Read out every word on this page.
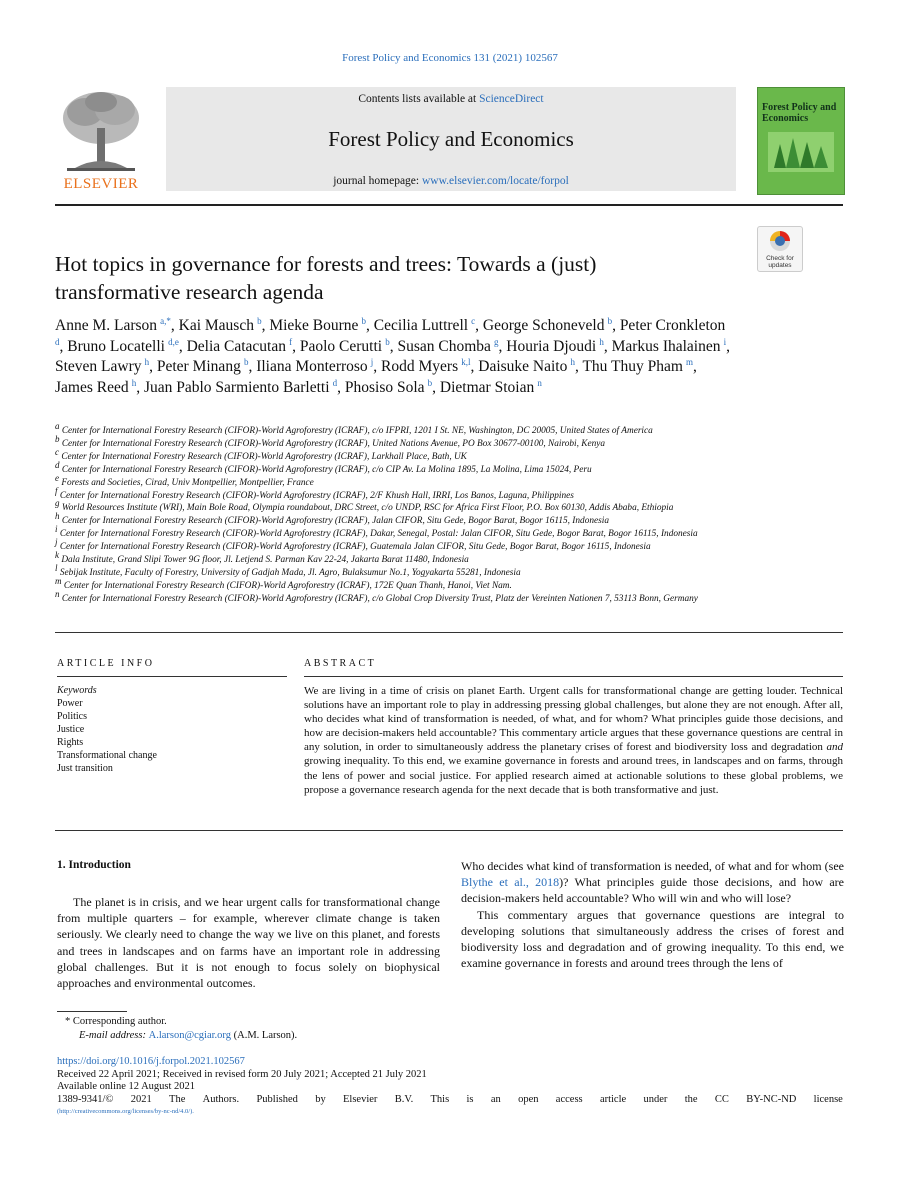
Forest Policy and Economics 131 (2021) 102567
ELSEVIER
Contents lists available at ScienceDirect
Forest Policy and Economics
journal homepage: www.elsevier.com/locate/forpol
Forest Policy and Economics
Check for updates
Hot topics in governance for forests and trees: Towards a (just) transformative research agenda
Anne M. Larson  $^{a,*}$, Kai Mausch  $^b$, Mieke Bourne  $^b$, Cecilia Luttrell  $^c$, George Schoneveld  $^b$, Peter Cronkleton $^d$, Bruno Locatelli  $^{d,e}$, Delia Catacutan  $^f$, Paolo Cerutti  $^b$, Susan Chomba  $^g$, Houria Djoudi  $^h$, Markus Ihalainen  $^i$, Steven Lawry  $^h$, Peter Minang  $^b$, Iliana Monterroso  $^j$, Rodd Myers  $^{k,l}$, Daisuke Naito  $^h$, Thu Thuy Pham  $^m$, James Reed  $^h$, Juan Pablo Sarmiento Barletti  $^d$, Phosiso Sola  $^b$, Dietmar Stoian  $^n$
$^a$ Center for International Forestry Research (CIFOR)-World Agroforestry (ICRAF), c/o IFPRI, 1201 I St. NE, Washington, DC 20005, United States of America
$^b$ Center for International Forestry Research (CIFOR)-World Agroforestry (ICRAF), United Nations Avenue, PO Box 30677-00100, Nairobi, Kenya
$^c$ Center for International Forestry Research (CIFOR)-World Agroforestry (ICRAF), Larkhall Place, Bath, UK
$^d$ Center for International Forestry Research (CIFOR)-World Agroforestry (ICRAF), c/o CIP Av. La Molina 1895, La Molina, Lima 15024, Peru
$^e$ Forests and Societies, Cirad, Univ Montpellier, Montpellier, France
$^f$ Center for International Forestry Research (CIFOR)-World Agroforestry (ICRAF), 2/F Khush Hall, IRRI, Los Banos, Laguna, Philippines
$^g$ World Resources Institute (WRI), Main Bole Road, Olympia roundabout, DRC Street, c/o UNDP, RSC for Africa First Floor, P.O. Box 60130, Addis Ababa, Ethiopia
$^h$ Center for International Forestry Research (CIFOR)-World Agroforestry (ICRAF), Jalan CIFOR, Situ Gede, Bogor Barat, Bogor 16115, Indonesia
$^i$ Center for International Forestry Research (CIFOR)-World Agroforestry (ICRAF), Dakar, Senegal, Postal: Jalan CIFOR, Situ Gede, Bogor Barat, Bogor 16115, Indonesia
$^j$ Center for International Forestry Research (CIFOR)-World Agroforestry (ICRAF), Guatemala Jalan CIFOR, Situ Gede, Bogor Barat, Bogor 16115, Indonesia
$^k$ Dala Institute, Grand Slipi Tower 9G floor, Jl. Letjend S. Parman Kav 22-24, Jakarta Barat 11480, Indonesia
$^l$ Sebijak Institute, Faculty of Forestry, University of Gadjah Mada, Jl. Agro, Bulaksumur No.1, Yogyakarta 55281, Indonesia
$^m$ Center for International Forestry Research (CIFOR)-World Agroforestry (ICRAF), 172E Quan Thanh, Hanoi, Viet Nam.
$^n$ Center for International Forestry Research (CIFOR)-World Agroforestry (ICRAF), c/o Global Crop Diversity Trust, Platz der Vereinten Nationen 7, 53113 Bonn, Germany
ARTICLE INFO
Keywords
Power
Politics
Justice
Rights
Transformational change
Just transition
ABSTRACT
We are living in a time of crisis on planet Earth. Urgent calls for transformational change are getting louder. Technical solutions have an important role to play in addressing pressing global challenges, but alone they are not enough. After all, who decides what kind of transformation is needed, of what, and for whom? What principles guide those decisions, and how are decision-makers held accountable? This commentary article argues that these governance questions are central in any solution, in order to simultaneously address the planetary crises of forest and biodiversity loss and degradation and growing inequality. To this end, we examine governance in forests and around trees, in landscapes and on farms, through the lens of power and social justice. For applied research aimed at actionable solutions to these global problems, we propose a governance research agenda for the next decade that is both transformative and just.
1. Introduction

The planet is in crisis, and we hear urgent calls for transformational change from multiple quarters – for example, wherever climate change is taken seriously. We clearly need to change the way we live on this planet, and forests and trees in landscapes and on farms have an important role in addressing global challenges. But it is not enough to focus solely on biophysical approaches and environmental outcomes.

Who decides what kind of transformation is needed, of what and for whom (see Blythe et al., 2018)? What principles guide those decisions, and how are decision-makers held accountable? Who will win and who will lose?

This commentary argues that governance questions are integral to developing solutions that simultaneously address the crises of forest and biodiversity loss and degradation and of growing inequality. To this end, we examine governance in forests and around trees through the lens of

* Corresponding author.
E-mail address: A.larson@cgiar.org (A.M. Larson).
https://doi.org/10.1016/j.forpol.2021.102567
Received 22 April 2021; Received in revised form 20 July 2021; Accepted 21 July 2021
Available online 12 August 2021
1389-9341/© 2021 The Authors. Published by Elsevier B.V. This is an open access article under the CC BY-NC-ND license
(http://creativecommons.org/licenses/by-nc-nd/4.0/).
